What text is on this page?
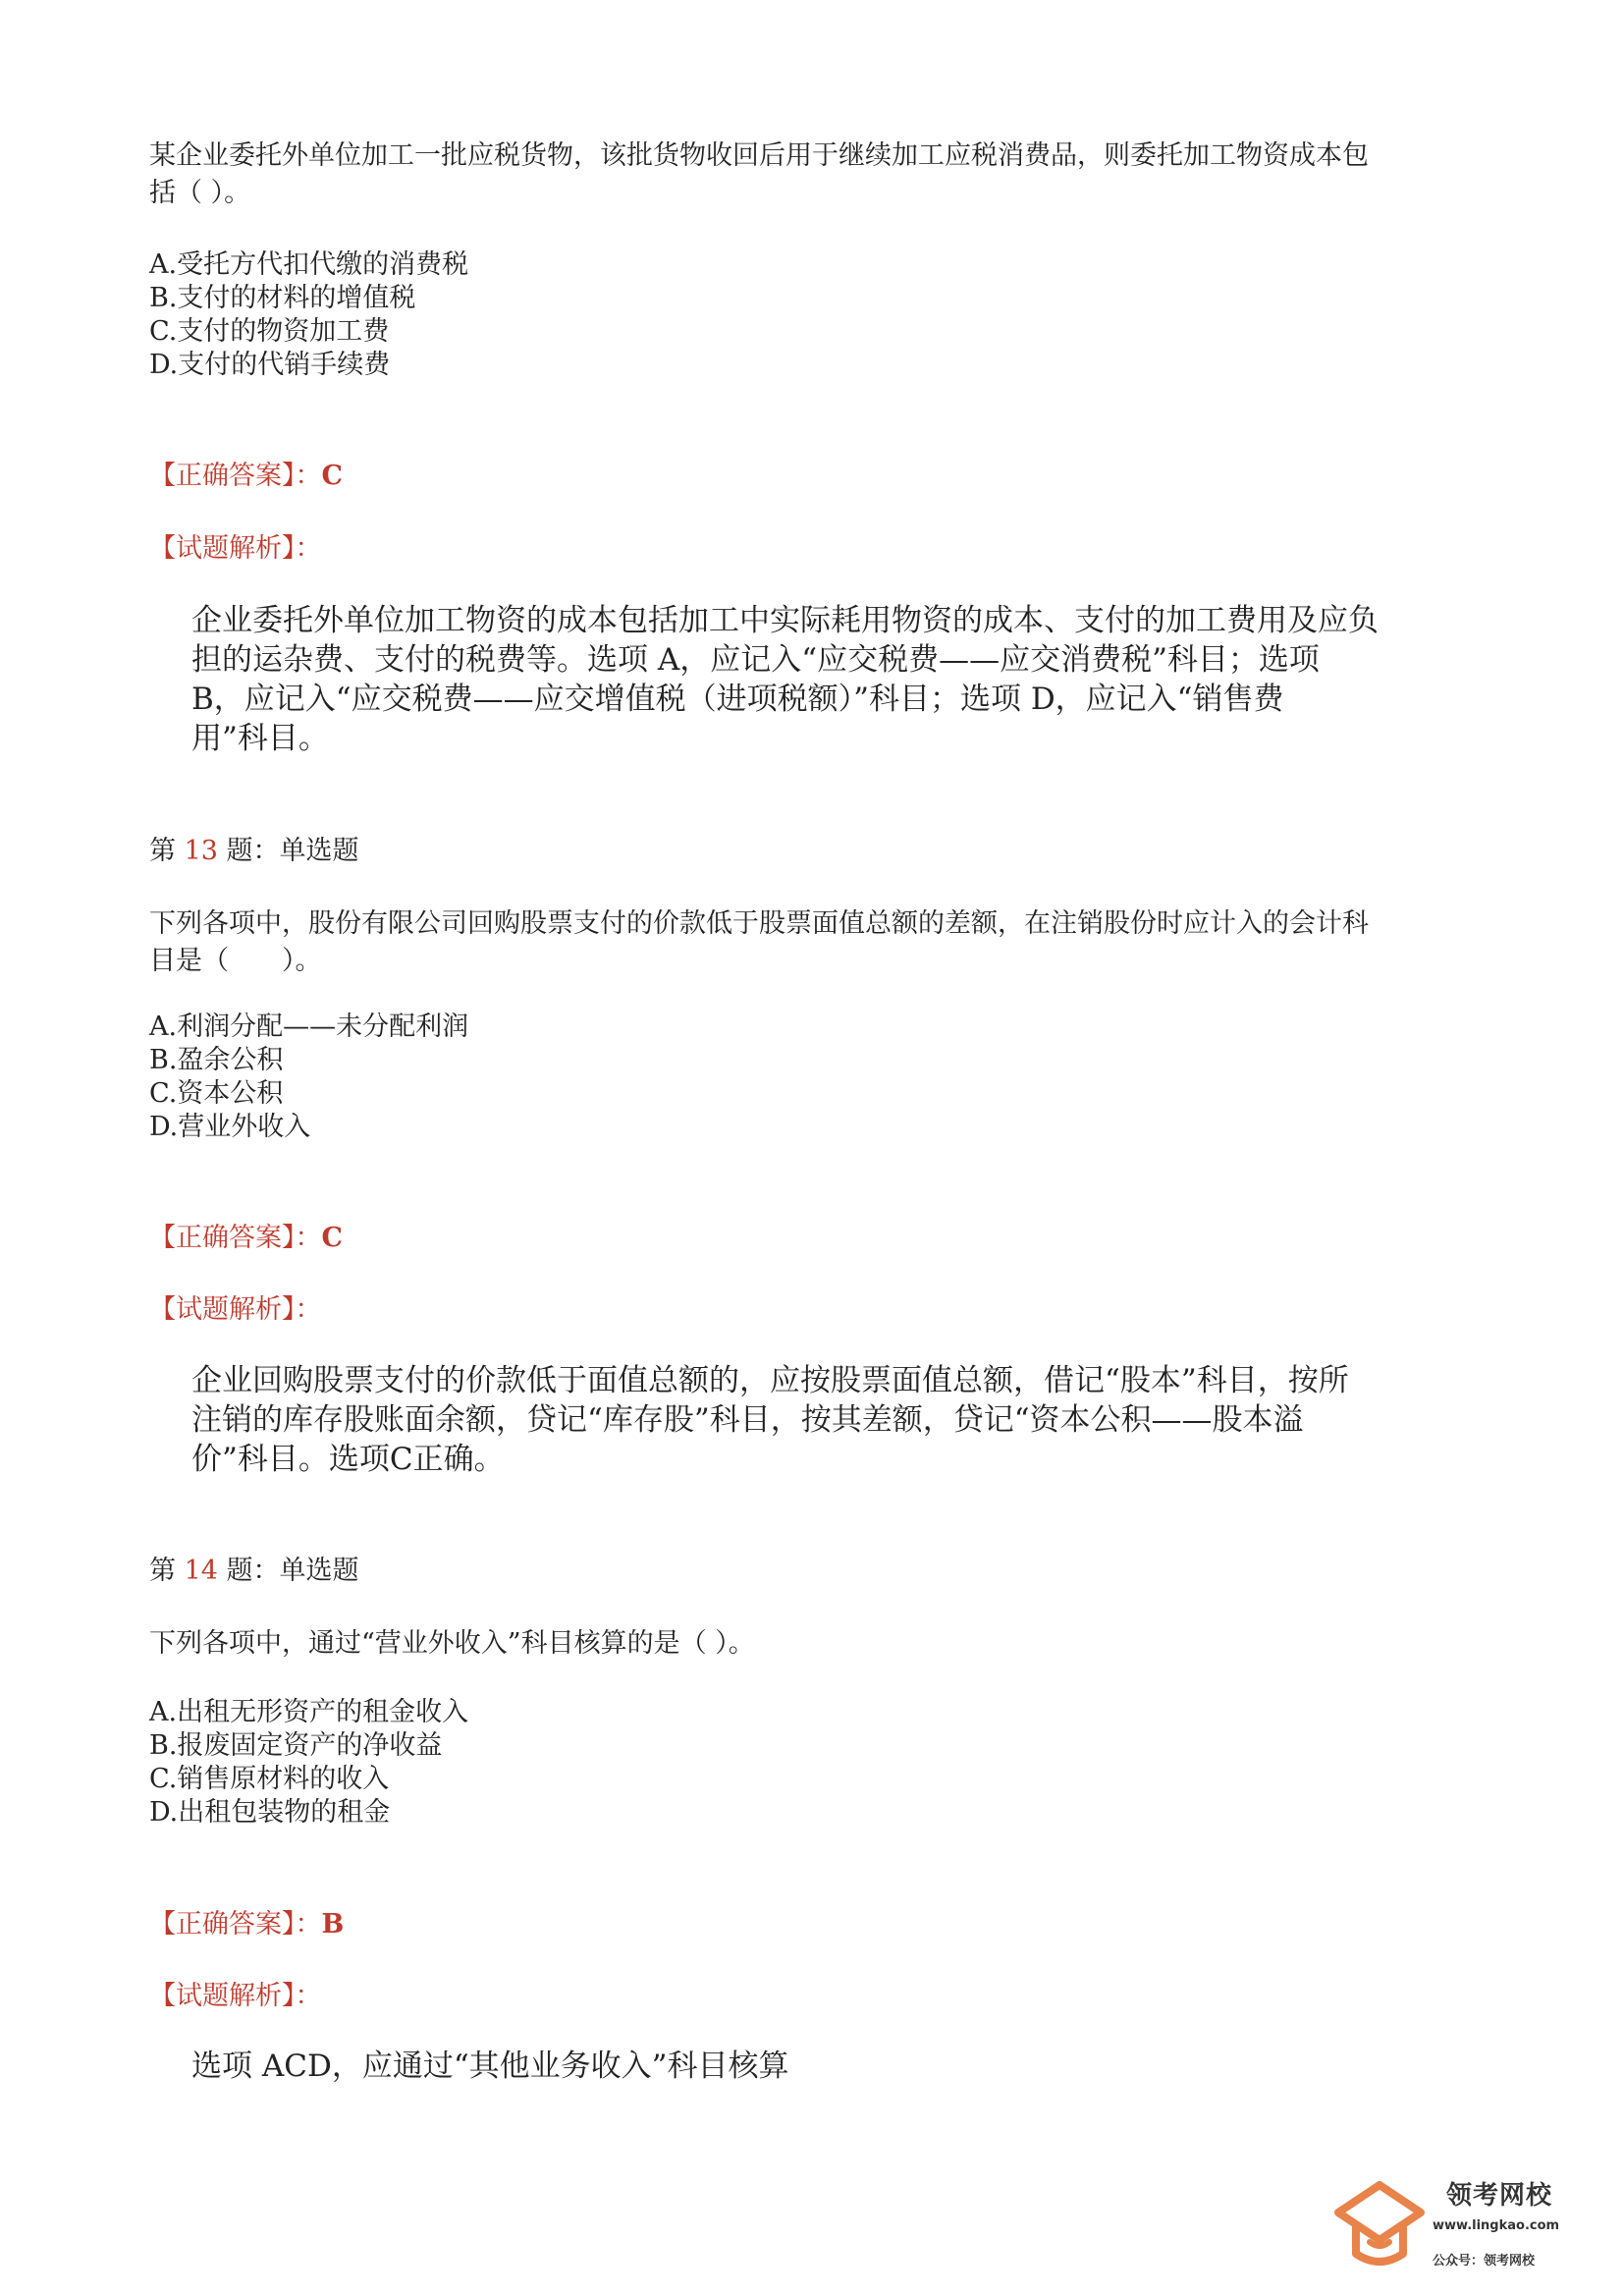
某企业委托外单位加工一批应税货物，该批货物收回后用于继续加工应税消费品，则委托加工物资成本包

括（ ）。

A.受托方代扣代缴的消费税

B.支付的材料的增值税

C.支付的物资加工费

D.支付的代销手续费

【正确答案】：C

【试题解析】：

企业委托外单位加工物资的成本包括加工中实际耗用物资的成本、支付的加工费用及应负

担的运杂费、支付的税费等。选项 A，应记入“应交税费——应交消费税”科目；选项

B，应记入“应交税费——应交增值税（进项税额）”科目；选项 D，应记入“销售费

用”科目。

第 13 题：单选题

下列各项中，股份有限公司回购股票支付的价款低于股票面值总额的差额，在注销股份时应计入的会计科

目是（　　）。

A.利润分配——未分配利润

B.盈余公积

C.资本公积

D.营业外收入

【正确答案】：C

【试题解析】：

企业回购股票支付的价款低于面值总额的，应按股票面值总额，借记“股本”科目，按所

注销的库存股账面余额，贷记“库存股”科目，按其差额，贷记“资本公积——股本溢

价”科目。选项C正确。

第 14 题：单选题

下列各项中，通过“营业外收入”科目核算的是（ ）。

A.出租无形资产的租金收入

B.报废固定资产的净收益

C.销售原材料的收入

D.出租包装物的租金

【正确答案】：B

【试题解析】：

选项 ACD，应通过“其他业务收入”科目核算

领考网校
www.lingkao.com
公众号：领考网校
